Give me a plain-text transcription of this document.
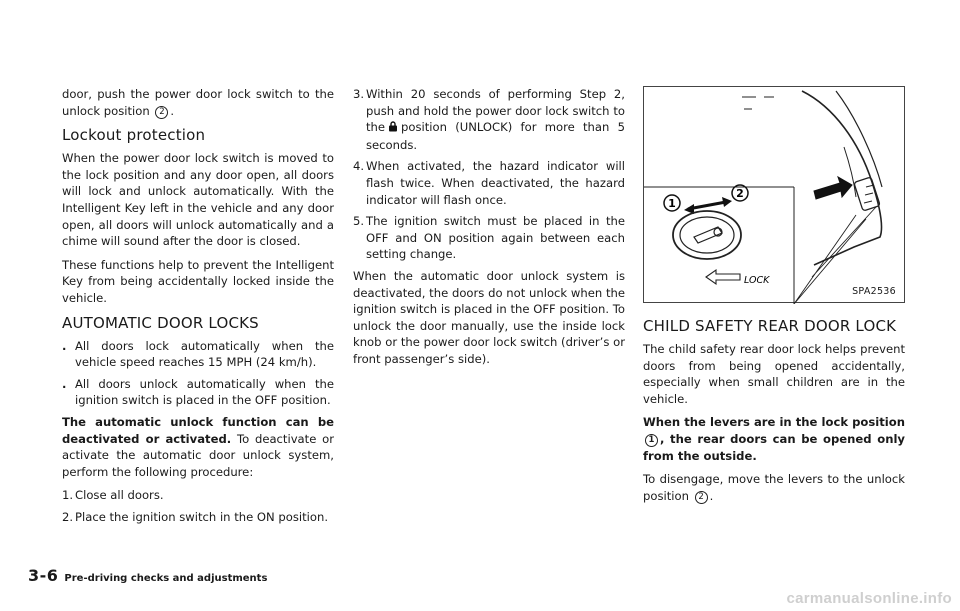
door, push the power door lock switch to the unlock position 2 .

Lockout protection

When the power door lock switch is moved to the lock position and any door open, all doors will lock and unlock automatically. With the Intelligent Key left in the vehicle and any door open, all doors will unlock automatically and a chime will sound after the door is closed.

These functions help to prevent the Intelligent Key from being accidentally locked inside the vehicle.

AUTOMATIC DOOR LOCKS
. All doors lock automatically when the vehicle speed reaches 15 MPH (24 km/h).
. All doors unlock automatically when the ignition switch is placed in the OFF position.

The automatic unlock function can be deactivated or activated. To deactivate or activate the automatic door unlock system, perform the following procedure:

1. Close all doors.
2. Place the ignition switch in the ON position.
3. Within 20 seconds of performing Step 2, push and hold the power door lock switch to the position (UNLOCK) for more than 5 seconds.
4. When activated, the hazard indicator will flash twice. When deactivated, the hazard indicator will flash once.
5. The ignition switch must be placed in the OFF and ON position again between each setting change.

When the automatic door unlock system is deactivated, the doors do not unlock when the ignition switch is placed in the OFF position. To unlock the door manually, use the inside lock knob or the power door lock switch (driver’s or front passenger’s side).

1
2
LOCK
SPA2536
CHILD SAFETY REAR DOOR LOCK

The child safety rear door lock helps prevent doors from being opened accidentally, especially when small children are in the vehicle.

When the levers are in the lock position 1 , the rear doors can be opened only from the outside.

To disengage, move the levers to the unlock position 2 .

3-6 Pre-driving checks and adjustments
carmanualsonline.info
